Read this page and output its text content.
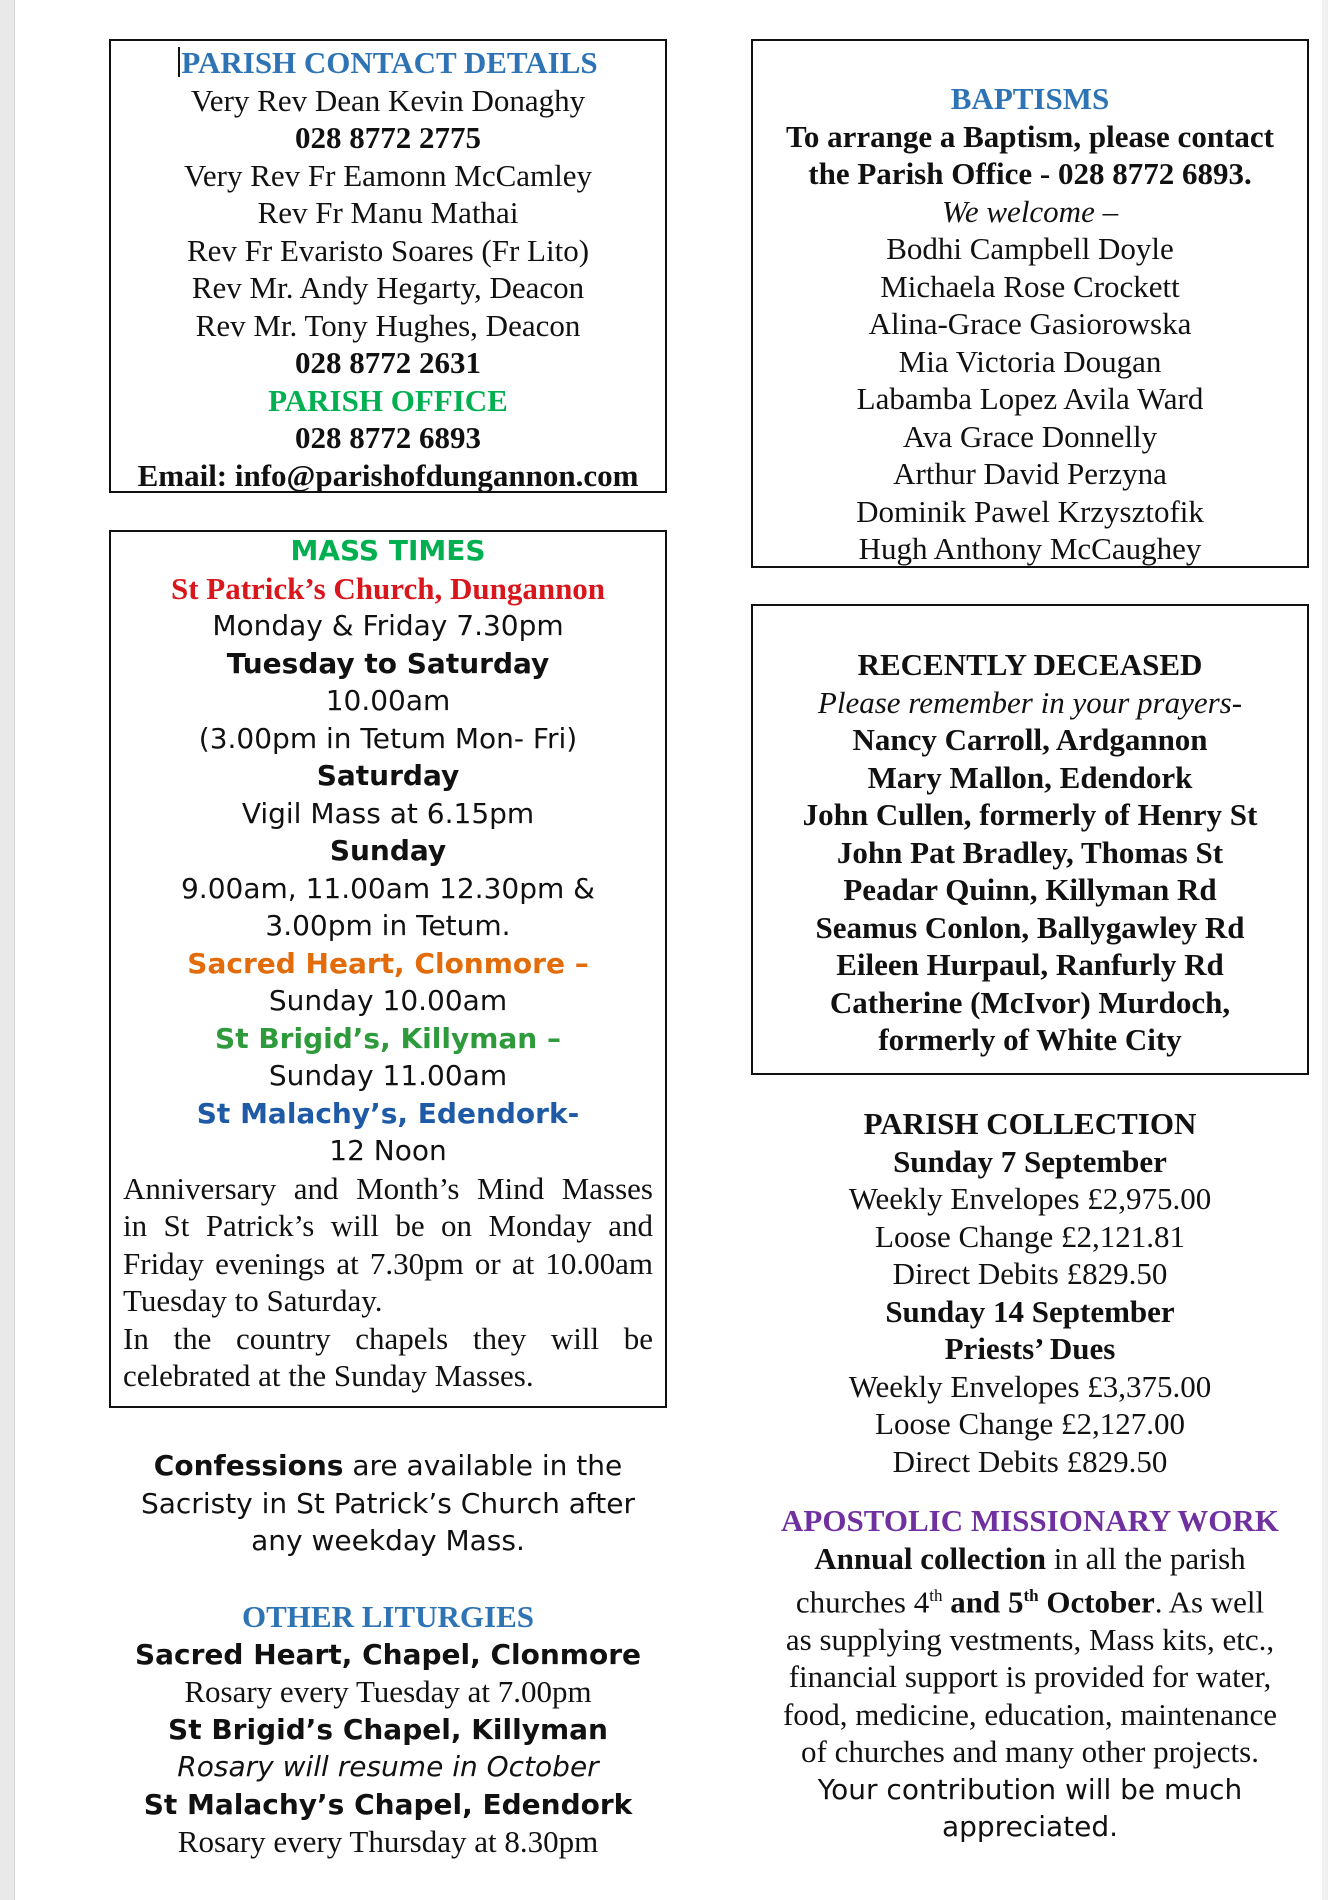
PARISH CONTACT DETAILS
Very Rev Dean Kevin Donaghy
028 8772 2775
Very Rev Fr Eamonn McCamley
Rev Fr Manu Mathai
Rev Fr Evaristo Soares (Fr Lito)
Rev Mr. Andy Hegarty, Deacon
Rev Mr. Tony Hughes, Deacon
028 8772 2631
PARISH OFFICE
028 8772 6893
Email: info@parishofdungannon.com
MASS TIMES
St Patrick’s Church, Dungannon
Monday & Friday 7.30pm
Tuesday to Saturday
10.00am
(3.00pm in Tetum Mon- Fri)
Saturday
Vigil Mass at 6.15pm
Sunday
9.00am, 11.00am 12.30pm &
3.00pm in Tetum.
Sacred Heart, Clonmore –
Sunday 10.00am
St Brigid’s, Killyman –
Sunday 11.00am
St Malachy’s, Edendork-
12 Noon
Anniversary and Month’s Mind Masses
in St Patrick’s will be on Monday and
Friday evenings at 7.30pm or at 10.00am
Tuesday to Saturday.
In the country chapels they will be
celebrated at the Sunday Masses.
Confessions are available in the
Sacristy in St Patrick’s Church after
any weekday Mass.
OTHER LITURGIES
Sacred Heart, Chapel, Clonmore
Rosary every Tuesday at 7.00pm
St Brigid’s Chapel, Killyman
Rosary will resume in October
St Malachy’s Chapel, Edendork
Rosary every Thursday at 8.30pm
BAPTISMS
To arrange a Baptism, please contact
the Parish Office - 028 8772 6893.
We welcome –
Bodhi Campbell Doyle
Michaela Rose Crockett
Alina-Grace Gasiorowska
Mia Victoria Dougan
Labamba Lopez Avila Ward
Ava Grace Donnelly
Arthur David Perzyna
Dominik Pawel Krzysztofik
Hugh Anthony McCaughey
RECENTLY DECEASED
Please remember in your prayers-
Nancy Carroll, Ardgannon
Mary Mallon, Edendork
John Cullen, formerly of Henry St
John Pat Bradley, Thomas St
Peadar Quinn, Killyman Rd
Seamus Conlon, Ballygawley Rd
Eileen Hurpaul, Ranfurly Rd
Catherine (McIvor) Murdoch,
formerly of White City
PARISH COLLECTION
Sunday 7 September
Weekly Envelopes £2,975.00
Loose Change £2,121.81
Direct Debits £829.50
Sunday 14 September
Priests’ Dues
Weekly Envelopes £3,375.00
Loose Change £2,127.00
Direct Debits £829.50
APOSTOLIC MISSIONARY WORK
Annual collection in all the parish
churches 4th and 5th October. As well
as supplying vestments, Mass kits, etc.,
financial support is provided for water,
food, medicine, education, maintenance
of churches and many other projects.
Your contribution will be much
appreciated.
